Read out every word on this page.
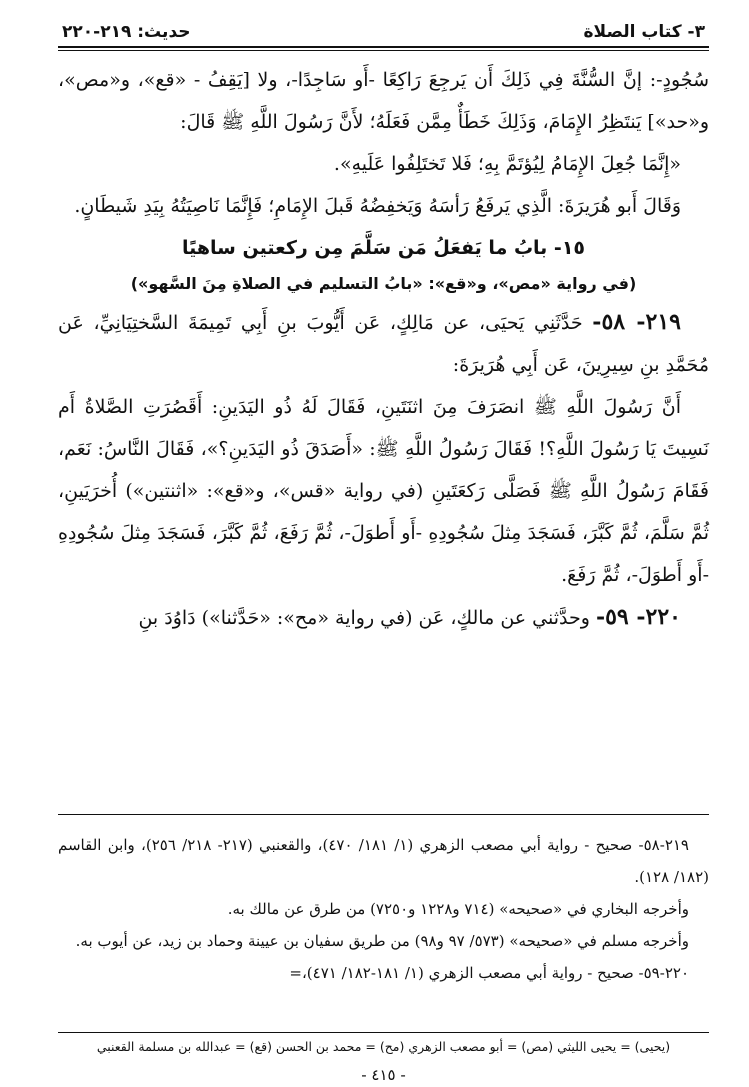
٣- كتاب الصلاة
حديث: ٢١٩-٢٢٠

سُجُودٍ-: إنَّ السُّنَّةَ فِي ذَلِكَ أَن يَرجِعَ رَاكِعًا -أَو سَاجِدًا-، ولا [يَقِفُ - «قع»، و«مص»، و«حد»] يَنتَظِرُ الإِمَامَ، وَذَلِكَ خَطَأٌ مِمَّن فَعَلَهُ؛ لأَنَّ رَسُولَ اللَّهِ ﷺ قَالَ:

«إِنَّمَا جُعِلَ الإِمَامُ لِيُؤتَمَّ بِهِ؛ فَلا تَختَلِفُوا عَلَيهِ».

وَقَالَ أَبو هُرَيرَةَ: الَّذِي يَرفَعُ رَأسَهُ وَيَخفِضُهُ قَبلَ الإِمَامِ؛ فَإِنَّمَا نَاصِيَتُهُ بِيَدِ شَيطَانٍ.

١٥- بابُ ما يَفعَلُ مَن سَلَّمَ مِن ركعتين ساهيًا
(في رواية «مص»، و«قع»: «بابُ التسليم في الصلاةِ مِنَ السَّهو»)

٢١٩- ٥٨- حَدَّثَنِي يَحيَى، عن مَالِكٍ، عَن أَيُّوبَ بنِ أَبِي تَمِيمَةَ السَّختِيَانِيِّ، عَن مُحَمَّدِ بنِ سِيرِينَ، عَن أَبِي هُرَيرَةَ:

أَنَّ رَسُولَ اللَّهِ ﷺ انصَرَفَ مِنَ اثنَتَينِ، فَقَالَ لَهُ ذُو اليَدَينِ: أَقَصُرَتِ الصَّلاةُ أَم نَسِيتَ يَا رَسُولَ اللَّهِ؟! فَقَالَ رَسُولُ اللَّهِ ﷺ: «أَصَدَقَ ذُو اليَدَينِ؟»، فَقَالَ النَّاسُ: نَعَم، فَقَامَ رَسُولُ اللَّهِ ﷺ فَصَلَّى رَكعَتَينِ (في رواية «قس»، و«قع»: «اثنتين») أُخرَيَينِ، ثُمَّ سَلَّمَ، ثُمَّ كَبَّرَ، فَسَجَدَ مِثلَ سُجُودِهِ -أَو أَطوَلَ-، ثُمَّ رَفَعَ، ثُمَّ كَبَّرَ، فَسَجَدَ مِثلَ سُجُودِهِ -أَو أَطوَلَ-، ثُمَّ رَفَعَ.

٢٢٠- ٥٩- وحدَّثني عن مالكٍ، عَن (في رواية «مح»: «حَدَّثنا») دَاوُدَ بنِ

٢١٩-٥٨- صحيح - رواية أبي مصعب الزهري (١/ ١٨١/ ٤٧٠)، والقعنبي (٢١٧- ٢١٨/ ٢٥٦)، وابن القاسم (١٨٢/ ١٢٨).

وأخرجه البخاري في «صحيحه» (٧١٤ و١٢٢٨ و٧٢٥٠) من طرق عن مالك به.

وأخرجه مسلم في «صحيحه» (٥٧٣/ ٩٧ و٩٨) من طريق سفيان بن عيينة وحماد بن زيد، عن أيوب به.

٢٢٠-٥٩- صحيح - رواية أبي مصعب الزهري (١/ ١٨١-١٨٢/ ٤٧١)،=

(يحيى) = يحيى الليثي (مص) = أبو مصعب الزهري (مح) = محمد بن الحسن (قع) = عبدالله بن مسلمة القعنبي
- ٤١٥ -
